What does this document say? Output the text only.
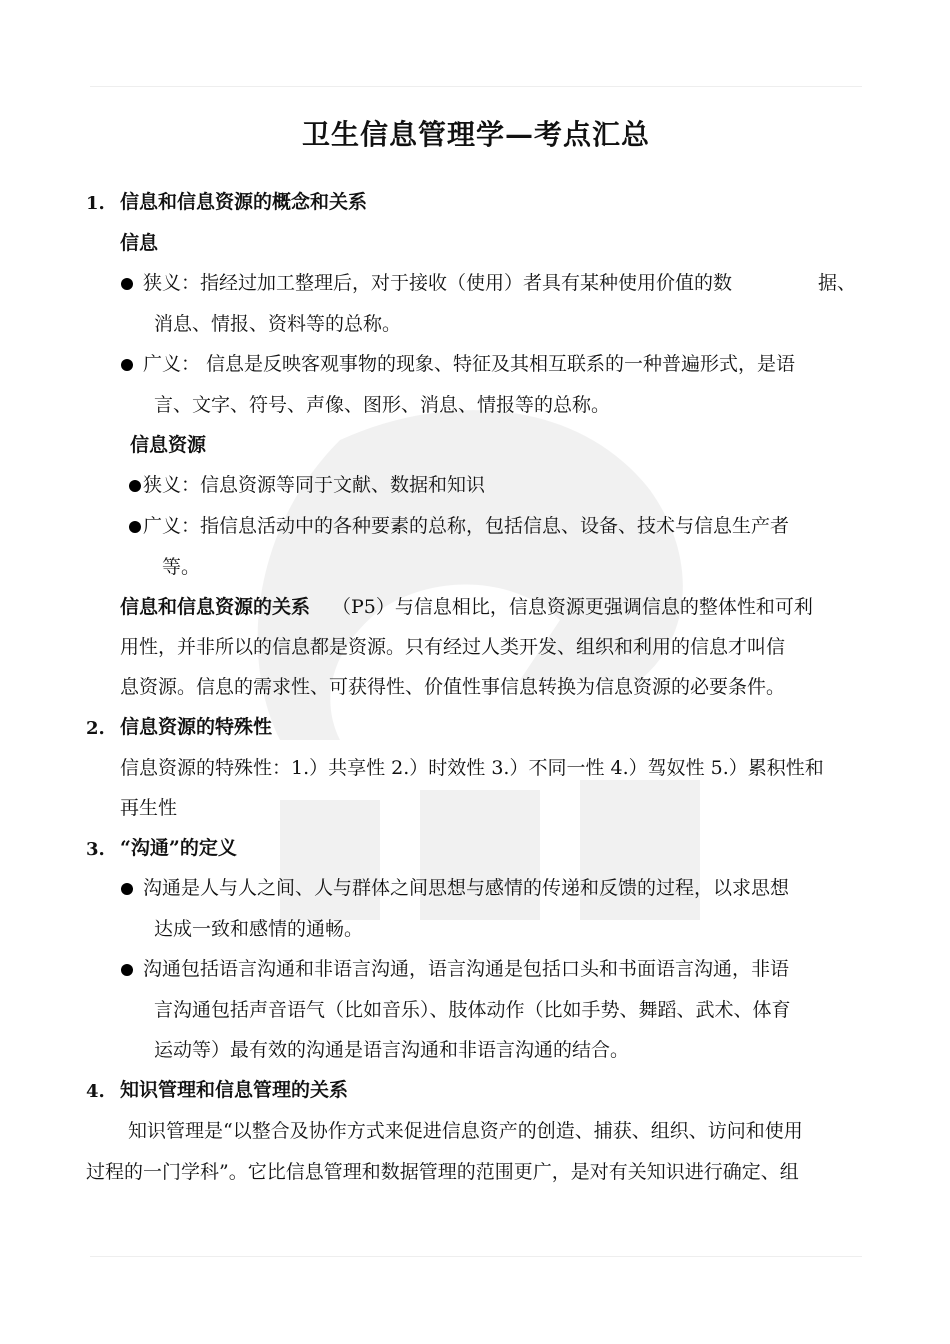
卫生信息管理学—考点汇总
1. 信息和信息资源的概念和关系
信息
狭义：指经过加工整理后，对于接收（使用）者具有某种使用价值的数	据、
消息、情报、资料等的总称。
广义： 信息是反映客观事物的现象、特征及其相互联系的一种普遍形式，是语
言、文字、符号、声像、图形、消息、情报等的总称。
信息资源
狭义：信息资源等同于文献、数据和知识
广义：指信息活动中的各种要素的总称，包括信息、设备、技术与信息生产者
等。
信息和信息资源的关系 （P5）与信息相比，信息资源更强调信息的整体性和可利
用性，并非所以的信息都是资源。只有经过人类开发、组织和利用的信息才叫信
息资源。信息的需求性、可获得性、价值性事信息转换为信息资源的必要条件。
2. 信息资源的特殊性
信息资源的特殊性：1.）共享性 2.）时效性 3.）不同一性 4.）驾奴性 5.）累积性和
再生性
3. “沟通”的定义
沟通是人与人之间、人与群体之间思想与感情的传递和反馈的过程，以求思想
达成一致和感情的通畅。
沟通包括语言沟通和非语言沟通，语言沟通是包括口头和书面语言沟通，非语
言沟通包括声音语气（比如音乐）、肢体动作（比如手势、舞蹈、武术、体育
运动等）最有效的沟通是语言沟通和非语言沟通的结合。
4. 知识管理和信息管理的关系
知识管理是“以整合及协作方式来促进信息资产的创造、捕获、组织、访问和使用
过程的一门学科”。它比信息管理和数据管理的范围更广，是对有关知识进行确定、组
